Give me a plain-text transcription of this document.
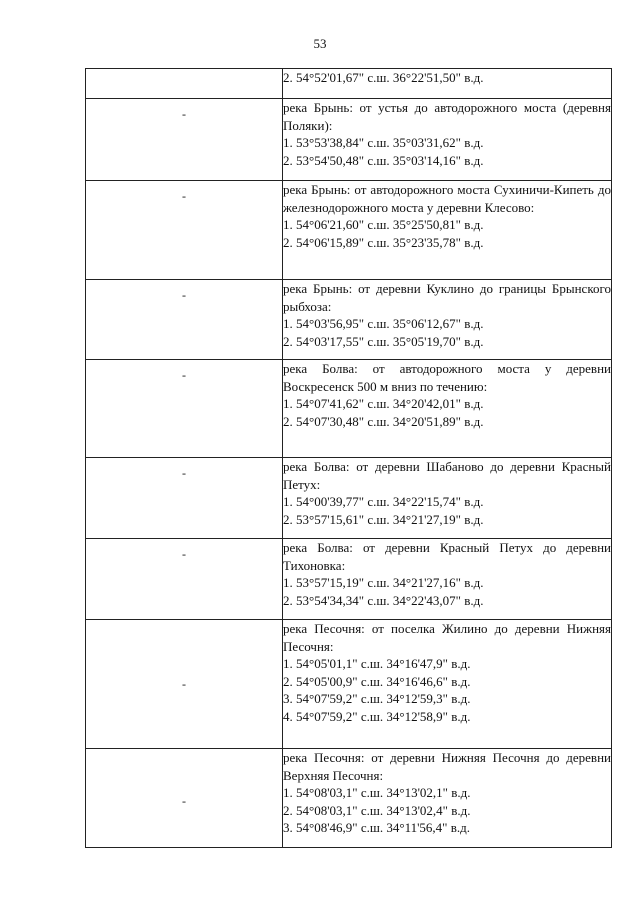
53

	2. 54°52'01,67" с.ш. 36°22'51,50" в.д.

-	река Брынь: от устья до автодорожного моста (деревня Поляки):
1. 53°53'38,84" с.ш. 35°03'31,62" в.д.
2. 53°54'50,48" с.ш. 35°03'14,16" в.д.

-	река Брынь: от автодорожного моста Сухиничи-Кипеть до железнодорожного моста у деревни Клесово:
1. 54°06'21,60" с.ш. 35°25'50,81" в.д.
2. 54°06'15,89" с.ш. 35°23'35,78" в.д.

-	река Брынь: от деревни Куклино до границы Брынского рыбхоза:
1. 54°03'56,95" с.ш. 35°06'12,67" в.д.
2. 54°03'17,55" с.ш. 35°05'19,70" в.д.

-	река Болва: от автодорожного моста у деревни Воскресенск 500 м вниз по течению:
1. 54°07'41,62" с.ш. 34°20'42,01" в.д.
2. 54°07'30,48" с.ш. 34°20'51,89" в.д.

-	река Болва: от деревни Шабаново до деревни Красный Петух:
1. 54°00'39,77" с.ш. 34°22'15,74" в.д.
2. 53°57'15,61" с.ш. 34°21'27,19" в.д.

-	река Болва: от деревни Красный Петух до деревни Тихоновка:
1. 53°57'15,19" с.ш. 34°21'27,16" в.д.
2. 53°54'34,34" с.ш. 34°22'43,07" в.д.

-	река Песочня: от поселка Жилино до деревни Нижняя Песочня:
1. 54°05'01,1" с.ш. 34°16'47,9" в.д.
2. 54°05'00,9" с.ш. 34°16'46,6" в.д.
3. 54°07'59,2" с.ш. 34°12'59,3" в.д.
4. 54°07'59,2" с.ш. 34°12'58,9" в.д.

-	река Песочня: от деревни Нижняя Песочня до деревни Верхняя Песочня:
1. 54°08'03,1" с.ш. 34°13'02,1" в.д.
2. 54°08'03,1" с.ш. 34°13'02,4" в.д.
3. 54°08'46,9" с.ш. 34°11'56,4" в.д.
